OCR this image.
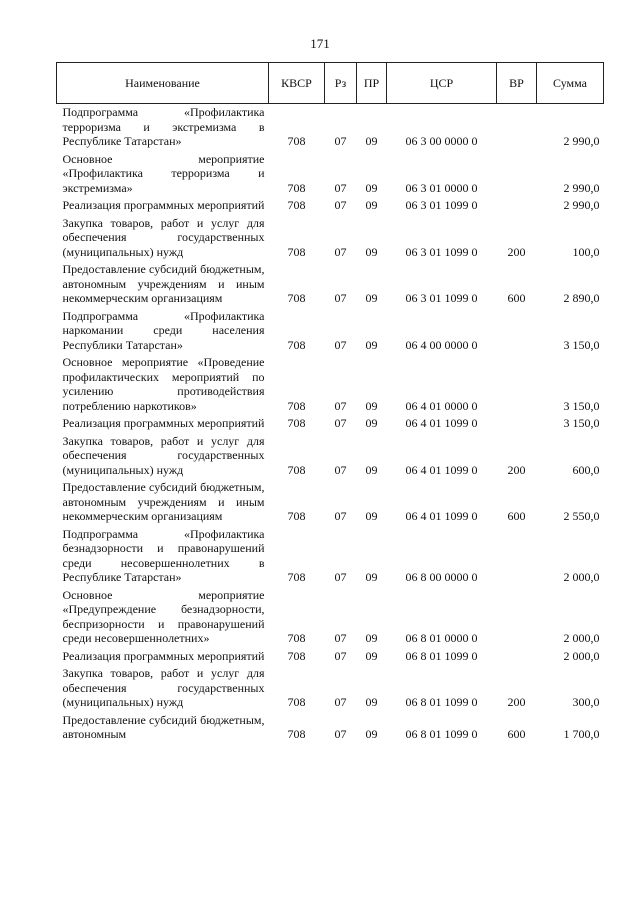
171
Наименование	КВСР	Рз	ПР	ЦСР	ВР	Сумма
Подпрограмма «Профилактика терроризма и экстремизма в Республике Татарстан»	708	07	09	06 3 00 0000 0		2 990,0
Основное мероприятие «Профилактика терроризма и экстремизма»	708	07	09	06 3 01 0000 0		2 990,0
Реализация программных мероприятий	708	07	09	06 3 01 1099 0		2 990,0
Закупка товаров, работ и услуг для обеспечения государственных (муниципальных) нужд	708	07	09	06 3 01 1099 0	200	100,0
Предоставление субсидий бюджетным, автономным учреждениям и иным некоммерческим организациям	708	07	09	06 3 01 1099 0	600	2 890,0
Подпрограмма «Профилактика наркомании среди населения Республики Татарстан»	708	07	09	06 4 00 0000 0		3 150,0
Основное мероприятие «Проведение профилактических мероприятий по усилению противодействия потреблению наркотиков»	708	07	09	06 4 01 0000 0		3 150,0
Реализация программных мероприятий	708	07	09	06 4 01 1099 0		3 150,0
Закупка товаров, работ и услуг для обеспечения государственных (муниципальных) нужд	708	07	09	06 4 01 1099 0	200	600,0
Предоставление субсидий бюджетным, автономным учреждениям и иным некоммерческим организациям	708	07	09	06 4 01 1099 0	600	2 550,0
Подпрограмма «Профилактика безнадзорности и правонарушений среди несовершеннолетних в Республике Татарстан»	708	07	09	06 8 00 0000 0		2 000,0
Основное мероприятие «Предупреждение безнадзорности, беспризорности и правонарушений среди несовершеннолетних»	708	07	09	06 8 01 0000 0		2 000,0
Реализация программных мероприятий	708	07	09	06 8 01 1099 0		2 000,0
Закупка товаров, работ и услуг для обеспечения государственных (муниципальных) нужд	708	07	09	06 8 01 1099 0	200	300,0
Предоставление субсидий бюджетным, автономным	708	07	09	06 8 01 1099 0	600	1 700,0
